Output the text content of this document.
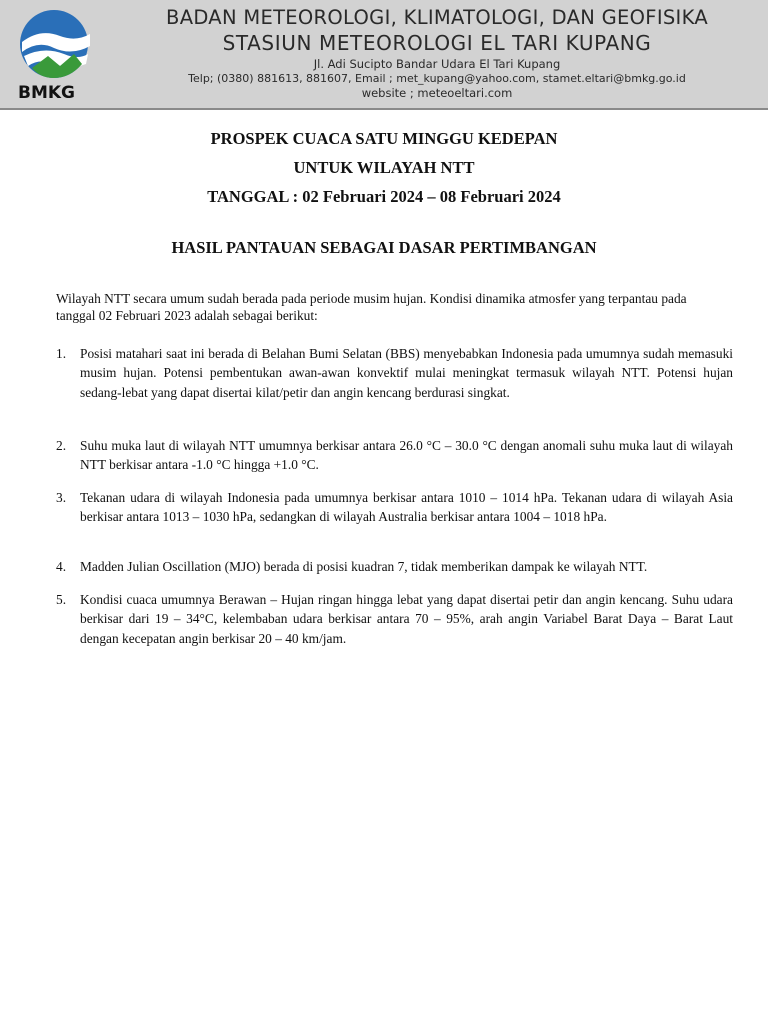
BMKG

BADAN METEOROLOGI, KLIMATOLOGI, DAN GEOFISIKA

STASIUN METEOROLOGI EL TARI KUPANG

Jl. Adi Sucipto Bandar Udara El Tari Kupang

Telp; (0380) 881613, 881607, Email ; met_kupang@yahoo.com, stamet.eltari@bmkg.go.id

website ; meteoeltari.com

PROSPEK CUACA SATU MINGGU KEDEPAN
UNTUK WILAYAH NTT
TANGGAL : 02 Februari 2024 – 08 Februari 2024
HASIL PANTAUAN SEBAGAI DASAR PERTIMBANGAN

Wilayah NTT secara umum sudah berada pada periode musim hujan. Kondisi dinamika atmosfer yang terpantau pada tanggal 02 Februari 2023 adalah sebagai berikut:

1. Posisi matahari saat ini berada di Belahan Bumi Selatan (BBS) menyebabkan Indonesia pada umumnya sudah memasuki musim hujan. Potensi pembentukan awan-awan konvektif mulai meningkat termasuk wilayah NTT. Potensi hujan sedang-lebat yang dapat disertai kilat/petir dan angin kencang berdurasi singkat.
2. Suhu muka laut di wilayah NTT umumnya berkisar antara 26.0 °C – 30.0 °C dengan anomali suhu muka laut di wilayah NTT berkisar antara -1.0 °C hingga +1.0 °C.
3. Tekanan udara di wilayah Indonesia pada umumnya berkisar antara 1010 – 1014 hPa. Tekanan udara di wilayah Asia berkisar antara 1013 – 1030 hPa, sedangkan di wilayah Australia berkisar antara 1004 – 1018 hPa.
4. Madden Julian Oscillation (MJO) berada di posisi kuadran 7, tidak memberikan dampak ke wilayah NTT.
5. Kondisi cuaca umumnya Berawan – Hujan ringan hingga lebat yang dapat disertai petir dan angin kencang. Suhu udara berkisar dari 19 – 34°C, kelembaban udara berkisar antara 70 – 95%, arah angin Variabel Barat Daya – Barat Laut dengan kecepatan angin berkisar 20 – 40 km/jam.
